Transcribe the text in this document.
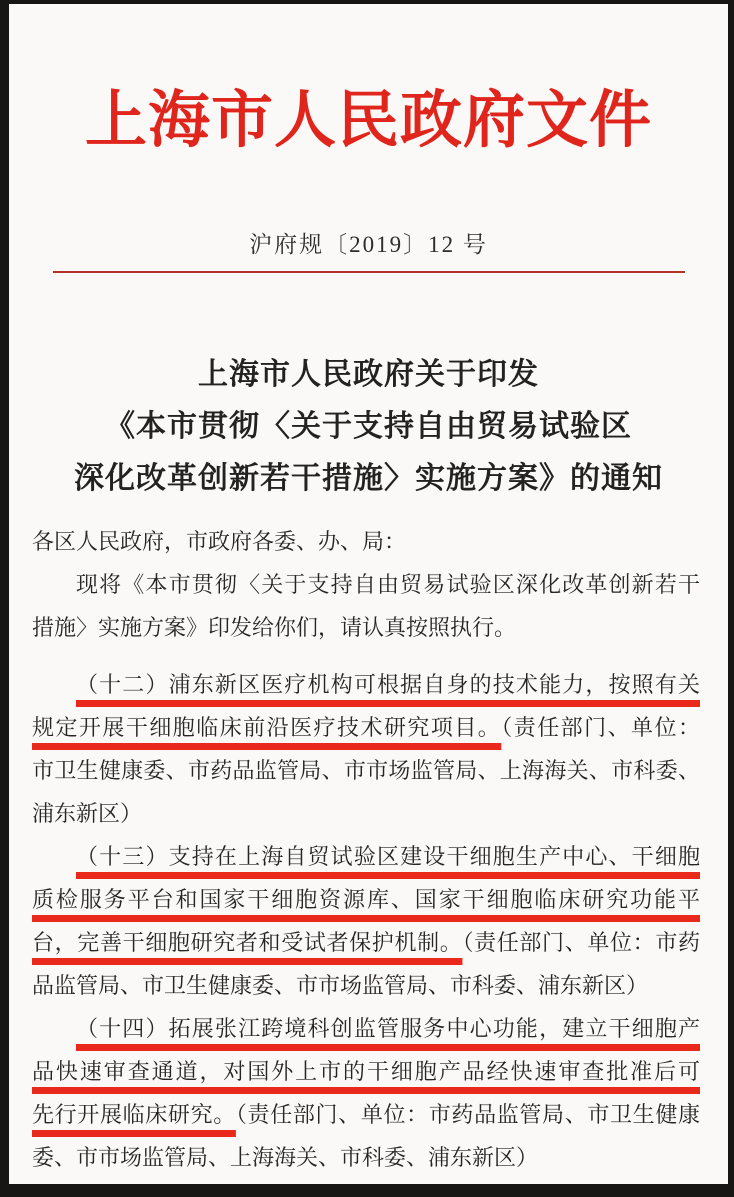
上海市人民政府文件
沪府规〔2019〕12 号
上海市人民政府关于印发
《本市贯彻〈关于支持自由贸易试验区
深化改革创新若干措施〉实施方案》的通知
各区人民政府，市政府各委、办、局：
现将《本市贯彻〈关于支持自由贸易试验区深化改革创新若干
措施〉实施方案》印发给你们，请认真按照执行。
（十二）浦东新区医疗机构可根据自身的技术能力，按照有关
规定开展干细胞临床前沿医疗技术研究项目。（责任部门、单位：
市卫生健康委、市药品监管局、市市场监管局、上海海关、市科委、
浦东新区）
（十三）支持在上海自贸试验区建设干细胞生产中心、干细胞
质检服务平台和国家干细胞资源库、国家干细胞临床研究功能平
台，完善干细胞研究者和受试者保护机制。（责任部门、单位：市药
品监管局、市卫生健康委、市市场监管局、市科委、浦东新区）
（十四）拓展张江跨境科创监管服务中心功能，建立干细胞产
品快速审查通道，对国外上市的干细胞产品经快速审查批准后可
先行开展临床研究。（责任部门、单位：市药品监管局、市卫生健康
委、市市场监管局、上海海关、市科委、浦东新区）
